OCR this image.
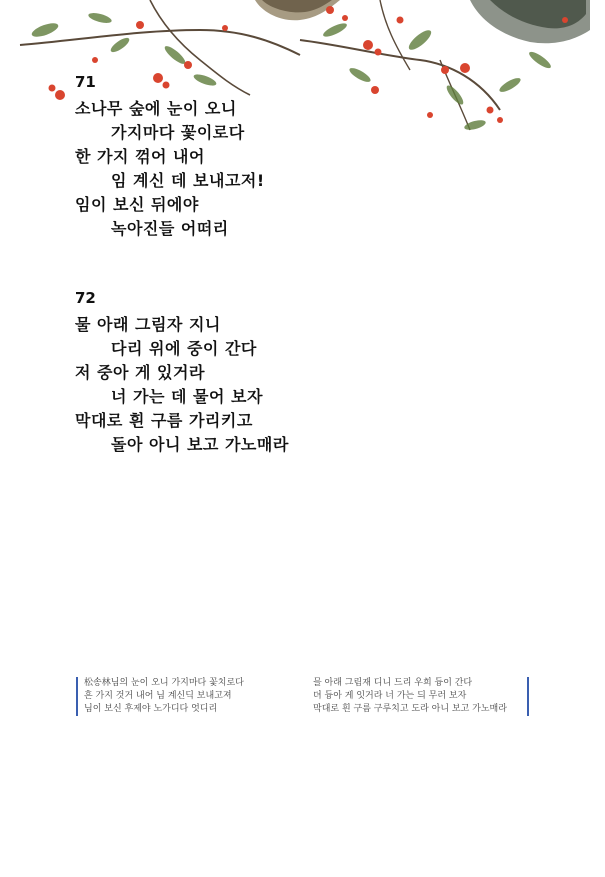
71
소나무 숲에 눈이 오니
가지마다 꽃이로다
한 가지 꺾어 내어
임 계신 데 보내고저!
임이 보신 뒤에야
녹아진들 어떠리
72
물 아래 그림자 지니
다리 위에 중이 간다
저 중아 게 있거라
너 가는 데 물어 보자
막대로 흰 구름 가리키고
돌아 아니 보고 가노매라
松송林님의 눈이 오니 가지마다 꽃치로다
흔 가지 것거 내어 님 계신딕 보내고져
님이 보신 후제야 노가디다 엇디리
믈 아래 그림재 디니 드리 우희 듕이 간다
뎌 듕아 게 잇거라 너 가는 듸 무러 보자
막대로 흰 구름 구루치고 도라 아니 보고 가노매라
